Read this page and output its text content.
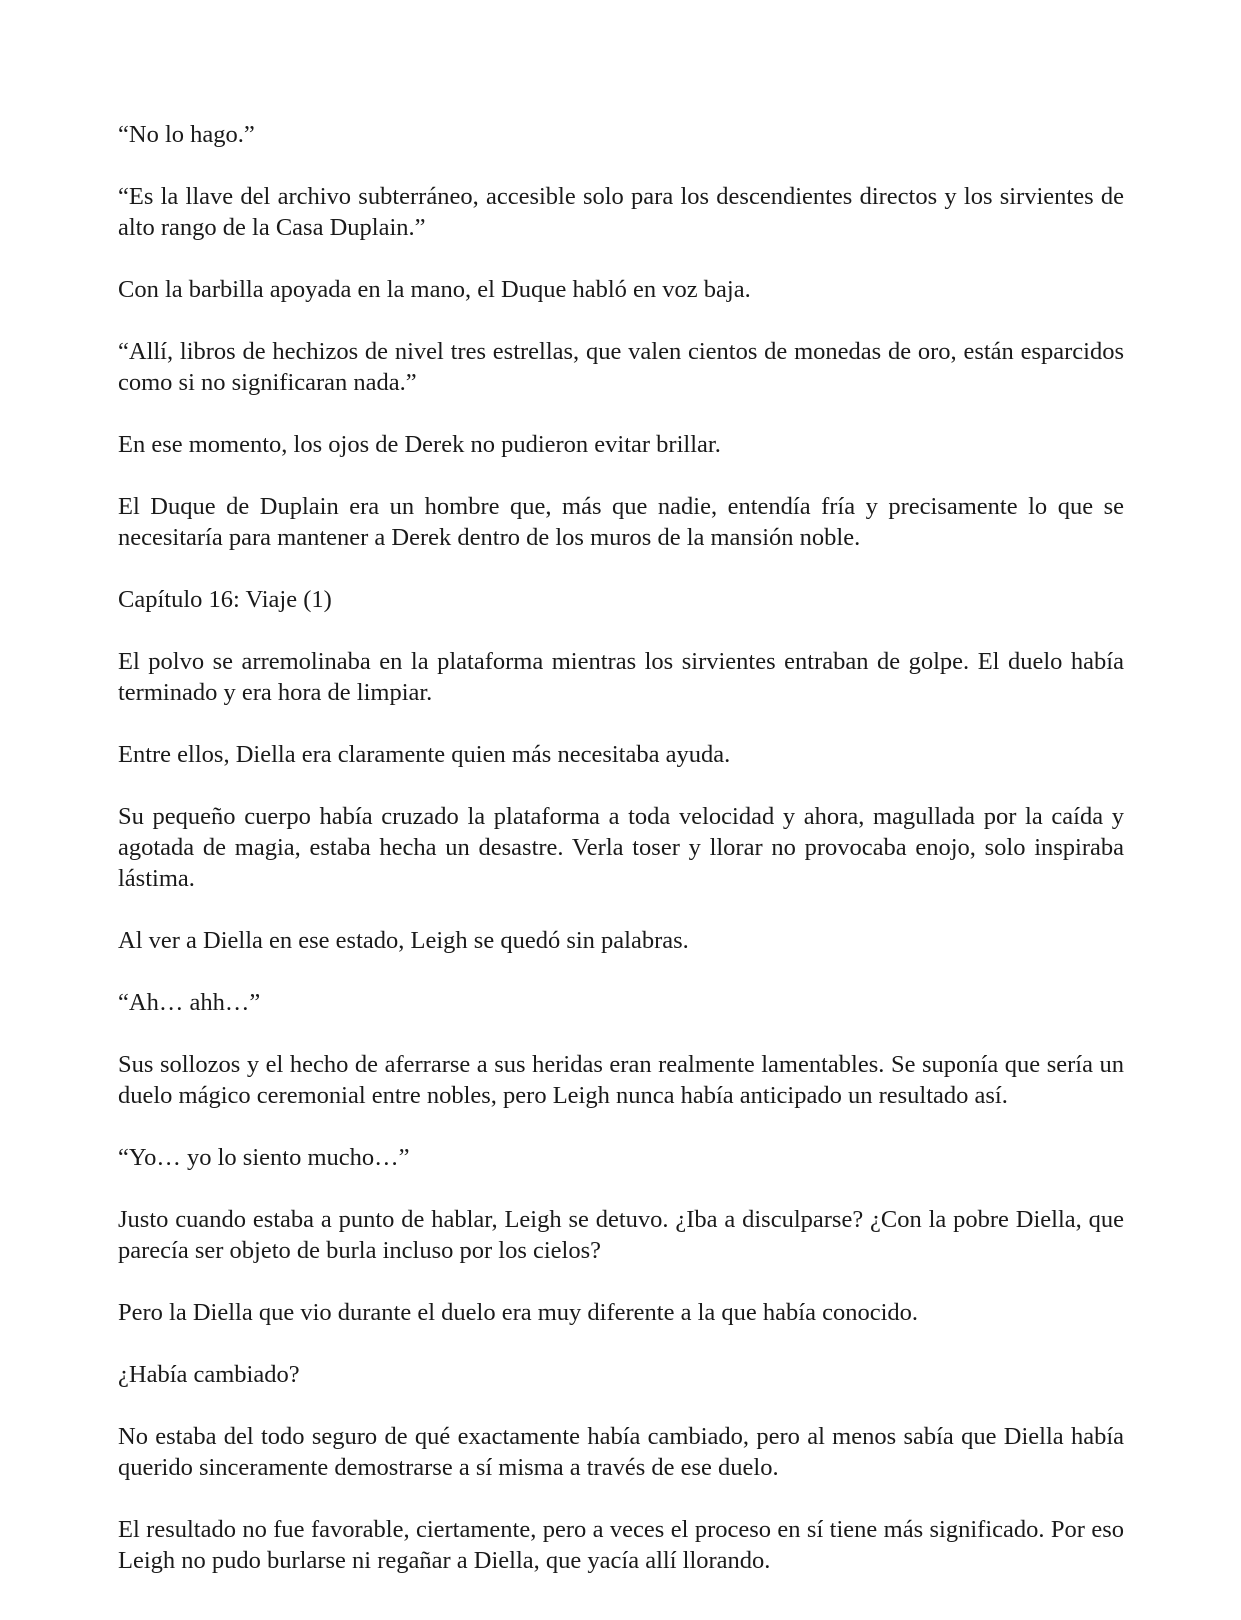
“No lo hago.”

“Es la llave del archivo subterráneo, accesible solo para los descendientes directos y los sirvientes de alto rango de la Casa Duplain.”

Con la barbilla apoyada en la mano, el Duque habló en voz baja.

“Allí, libros de hechizos de nivel tres estrellas, que valen cientos de monedas de oro, están esparcidos como si no significaran nada.”

En ese momento, los ojos de Derek no pudieron evitar brillar.

El Duque de Duplain era un hombre que, más que nadie, entendía fría y precisamente lo que se necesitaría para mantener a Derek dentro de los muros de la mansión noble.

Capítulo 16: Viaje (1)

El polvo se arremolinaba en la plataforma mientras los sirvientes entraban de golpe. El duelo había terminado y era hora de limpiar.

Entre ellos, Diella era claramente quien más necesitaba ayuda.

Su pequeño cuerpo había cruzado la plataforma a toda velocidad y ahora, magullada por la caída y agotada de magia, estaba hecha un desastre. Verla toser y llorar no provocaba enojo, solo inspiraba lástima.

Al ver a Diella en ese estado, Leigh se quedó sin palabras.

“Ah… ahh…”

Sus sollozos y el hecho de aferrarse a sus heridas eran realmente lamentables. Se suponía que sería un duelo mágico ceremonial entre nobles, pero Leigh nunca había anticipado un resultado así.

“Yo… yo lo siento mucho…”

Justo cuando estaba a punto de hablar, Leigh se detuvo. ¿Iba a disculparse? ¿Con la pobre Diella, que parecía ser objeto de burla incluso por los cielos?

Pero la Diella que vio durante el duelo era muy diferente a la que había conocido.

¿Había cambiado?

No estaba del todo seguro de qué exactamente había cambiado, pero al menos sabía que Diella había querido sinceramente demostrarse a sí misma a través de ese duelo.

El resultado no fue favorable, ciertamente, pero a veces el proceso en sí tiene más significado. Por eso Leigh no pudo burlarse ni regañar a Diella, que yacía allí llorando.
